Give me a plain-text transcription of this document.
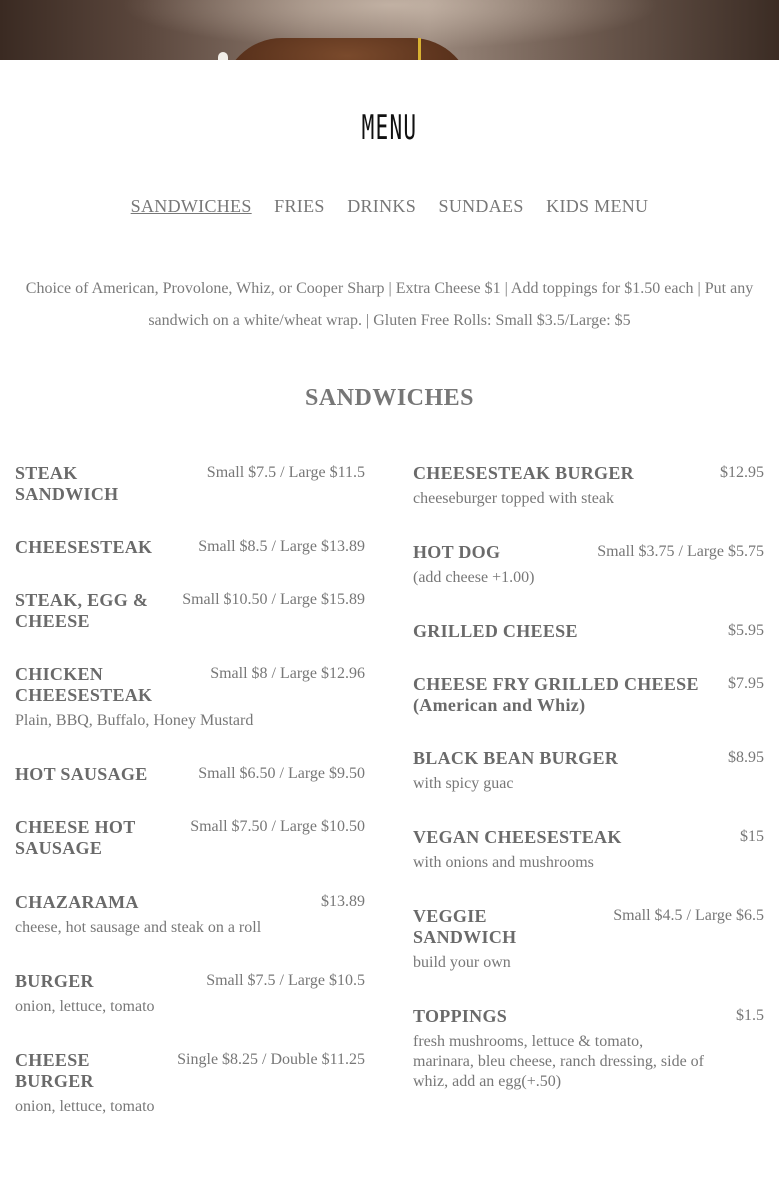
MENU
SANDWICHES FRIES DRINKS SUNDAES KIDS MENU

Choice of American, Provolone, Whiz, or Cooper Sharp | Extra Cheese $1 | Add toppings for $1.50 each | Put any sandwich on a white/wheat wrap. | Gluten Free Rolls: Small $3.5/Large: $5

SANDWICHES
STEAK SANDWICH
Small $7.5 / Large $11.5
CHEESESTEAK	Small $8.5 / Large $13.89
STEAK, EGG & CHEESE
Small $10.50 / Large $15.89
CHICKEN CHEESESTEAK
Small $8 / Large $12.96
Plain, BBQ, Buffalo, Honey Mustard
HOT SAUSAGE	Small $6.50 / Large $9.50
CHEESE HOT SAUSAGE
Small $7.50 / Large $10.50
CHAZARAMA	$13.89
cheese, hot sausage and steak on a roll
BURGER	Small $7.5 / Large $10.5
onion, lettuce, tomato
CHEESE BURGER
Single $8.25 / Double $11.25
onion, lettuce, tomato
CHEESESTEAK BURGER	$12.95
cheeseburger topped with steak
HOT DOG	Small $3.75 / Large $5.75
(add cheese +1.00)
GRILLED CHEESE	$5.95
CHEESE FRY GRILLED CHEESE (American and Whiz)
$7.95
BLACK BEAN BURGER	$8.95
with spicy guac
VEGAN CHEESESTEAK	$15
with onions and mushrooms
VEGGIE SANDWICH
Small $4.5 / Large $6.5
build your own
TOPPINGS	$1.5
fresh mushrooms, lettuce & tomato, marinara, bleu cheese, ranch dressing, side of whiz, add an egg(+.50)
